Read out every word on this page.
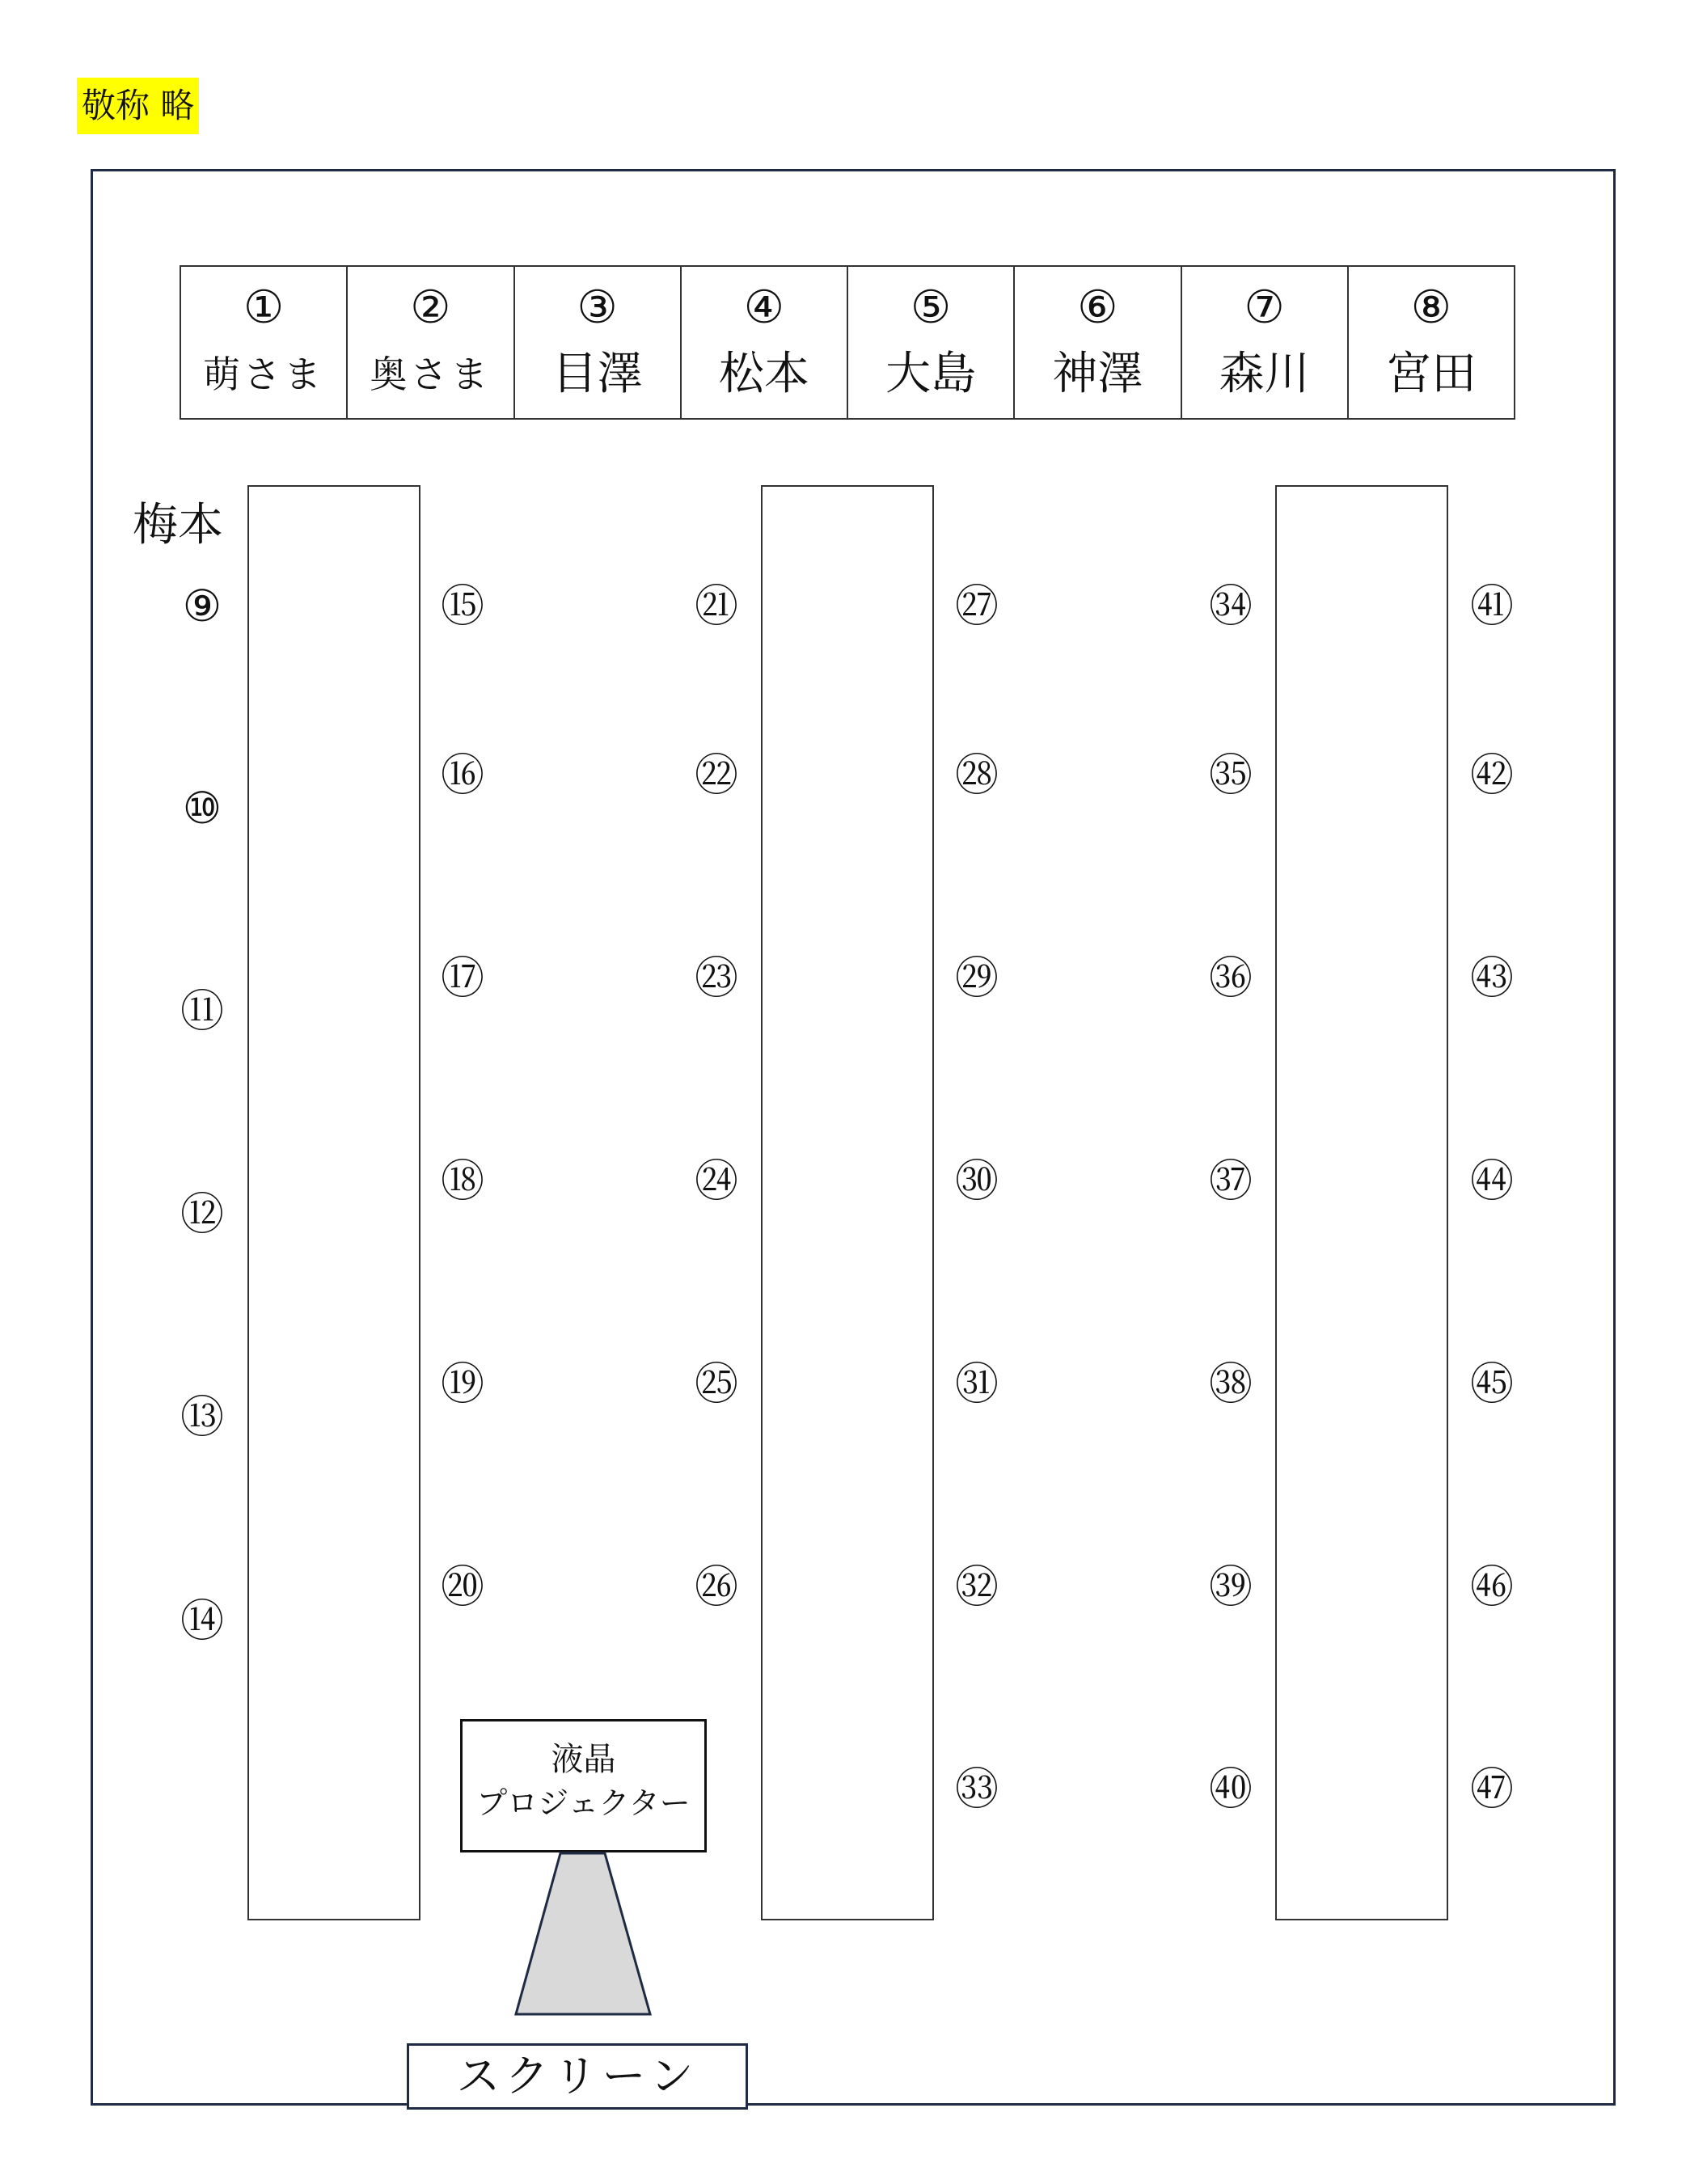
敬称 略
①
萌さま
②
奥さま
③
目澤
④
松本
⑤
大島
⑥
神澤
⑦
森川
⑧
宮田
梅本
⑨
⑩
⑪
⑫
⑬
⑭
⑮
⑯
⑰
⑱
⑲
⑳
㉑
㉒
㉓
㉔
㉕
㉖
㉗
㉘
㉙
㉚
㉛
㉜
㉝
㉞
㉟
㊱
㊲
㊳
㊴
㊵
㊶
㊷
㊸
㊹
㊺
㊻
㊼
液晶
プロジェクター
スクリーン
